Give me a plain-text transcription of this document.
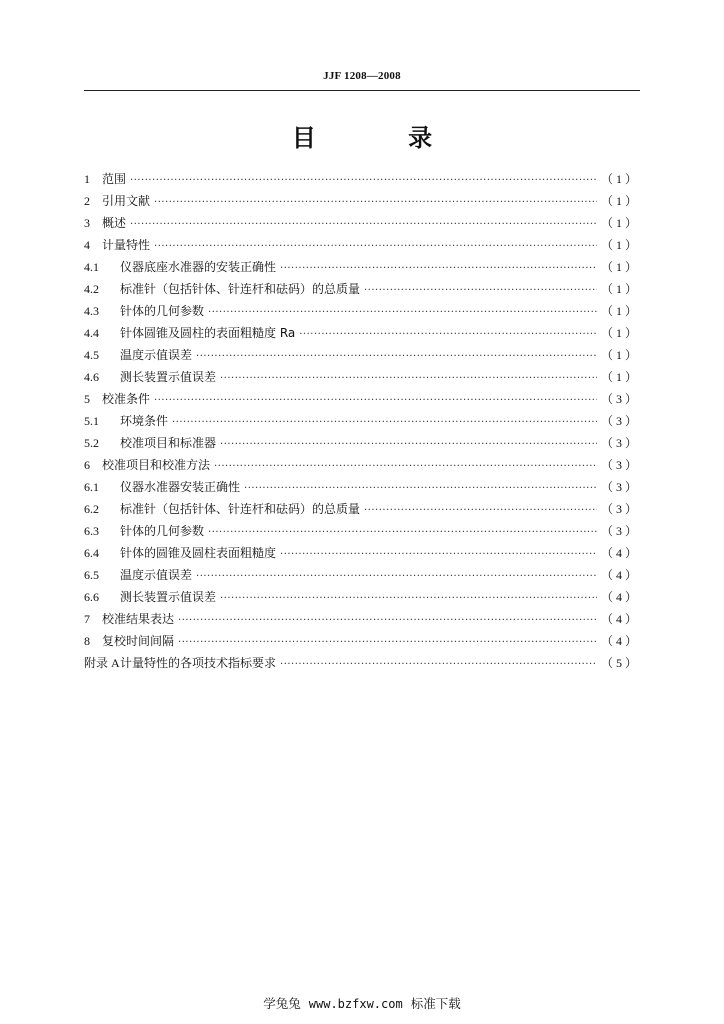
JJF 1208—2008
目 录
1	范围 ·····	（1）
2	引用文献 ·····	（1）
3	概述 ·····	（1）
4	计量特性 ·····	（1）
4.1	仪器底座水准器的安装正确性 ·····	（1）
4.2	标准针（包括针体、针连杆和砝码）的总质量 ·····	（1）
4.3	针体的几何参数 ·····	（1）
4.4	针体圆锥及圆柱的表面粗糙度 Ra ·····	（1）
4.5	温度示值误差 ·····	（1）
4.6	测长装置示值误差 ·····	（1）
5	校准条件 ·····	（3）
5.1	环境条件 ·····	（3）
5.2	校准项目和标准器 ·····	（3）
6	校准项目和校准方法 ·····	（3）
6.1	仪器水准器安装正确性 ·····	（3）
6.2	标准针（包括针体、针连杆和砝码）的总质量 ·····	（3）
6.3	针体的几何参数 ·····	（3）
6.4	针体的圆锥及圆柱表面粗糙度 ·····	（4）
6.5	温度示值误差 ·····	（4）
6.6	测长装置示值误差 ·····	（4）
7	校准结果表达 ·····	（4）
8	复校时间间隔 ·····	（4）
附录 A 计量特性的各项技术指标要求 ·····	（5）
学兔兔 www.bzfxw.com 标准下载
